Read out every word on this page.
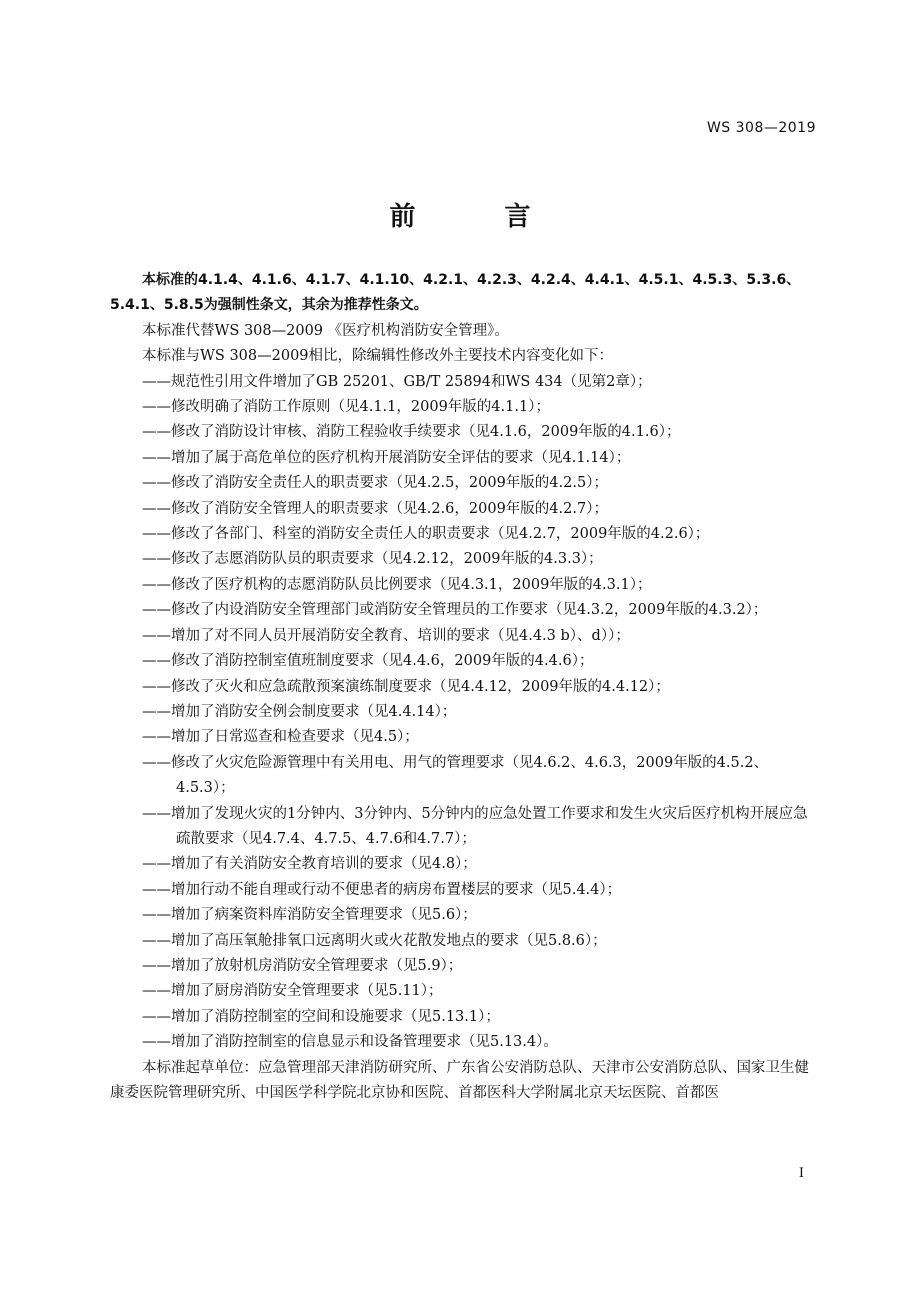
WS 308—2019
前 言

本标准的4.1.4、4.1.6、4.1.7、4.1.10、4.2.1、4.2.3、4.2.4、4.4.1、4.5.1、4.5.3、5.3.6、5.4.1、5.8.5为强制性条文，其余为推荐性条文。

本标准代替WS 308—2009 《医疗机构消防安全管理》。

本标准与WS 308—2009相比，除编辑性修改外主要技术内容变化如下：

——规范性引用文件增加了GB 25201、GB/T 25894和WS 434（见第2章）；

——修改明确了消防工作原则（见4.1.1，2009年版的4.1.1）；

——修改了消防设计审核、消防工程验收手续要求（见4.1.6，2009年版的4.1.6）；

——增加了属于高危单位的医疗机构开展消防安全评估的要求（见4.1.14）；

——修改了消防安全责任人的职责要求（见4.2.5，2009年版的4.2.5）；

——修改了消防安全管理人的职责要求（见4.2.6，2009年版的4.2.7）；

——修改了各部门、科室的消防安全责任人的职责要求（见4.2.7，2009年版的4.2.6）；

——修改了志愿消防队员的职责要求（见4.2.12，2009年版的4.3.3）；

——修改了医疗机构的志愿消防队员比例要求（见4.3.1，2009年版的4.3.1）；

——修改了内设消防安全管理部门或消防安全管理员的工作要求（见4.3.2，2009年版的4.3.2）；

——增加了对不同人员开展消防安全教育、培训的要求（见4.4.3 b）、d））；

——修改了消防控制室值班制度要求（见4.4.6，2009年版的4.4.6）；

——修改了灭火和应急疏散预案演练制度要求（见4.4.12，2009年版的4.4.12）；

——增加了消防安全例会制度要求（见4.4.14）；

——增加了日常巡查和检查要求（见4.5）；

——修改了火灾危险源管理中有关用电、用气的管理要求（见4.6.2、4.6.3，2009年版的4.5.2、4.5.3）；

——增加了发现火灾的1分钟内、3分钟内、5分钟内的应急处置工作要求和发生火灾后医疗机构开展应急疏散要求（见4.7.4、4.7.5、4.7.6和4.7.7）；

——增加了有关消防安全教育培训的要求（见4.8）；

——增加行动不能自理或行动不便患者的病房布置楼层的要求（见5.4.4）；

——增加了病案资料库消防安全管理要求（见5.6）；

——增加了高压氧舱排氧口远离明火或火花散发地点的要求（见5.8.6）；

——增加了放射机房消防安全管理要求（见5.9）；

——增加了厨房消防安全管理要求（见5.11）；

——增加了消防控制室的空间和设施要求（见5.13.1）；

——增加了消防控制室的信息显示和设备管理要求（见5.13.4）。

本标准起草单位：应急管理部天津消防研究所、广东省公安消防总队、天津市公安消防总队、国家卫生健康委医院管理研究所、中国医学科学院北京协和医院、首都医科大学附属北京天坛医院、首都医

I
